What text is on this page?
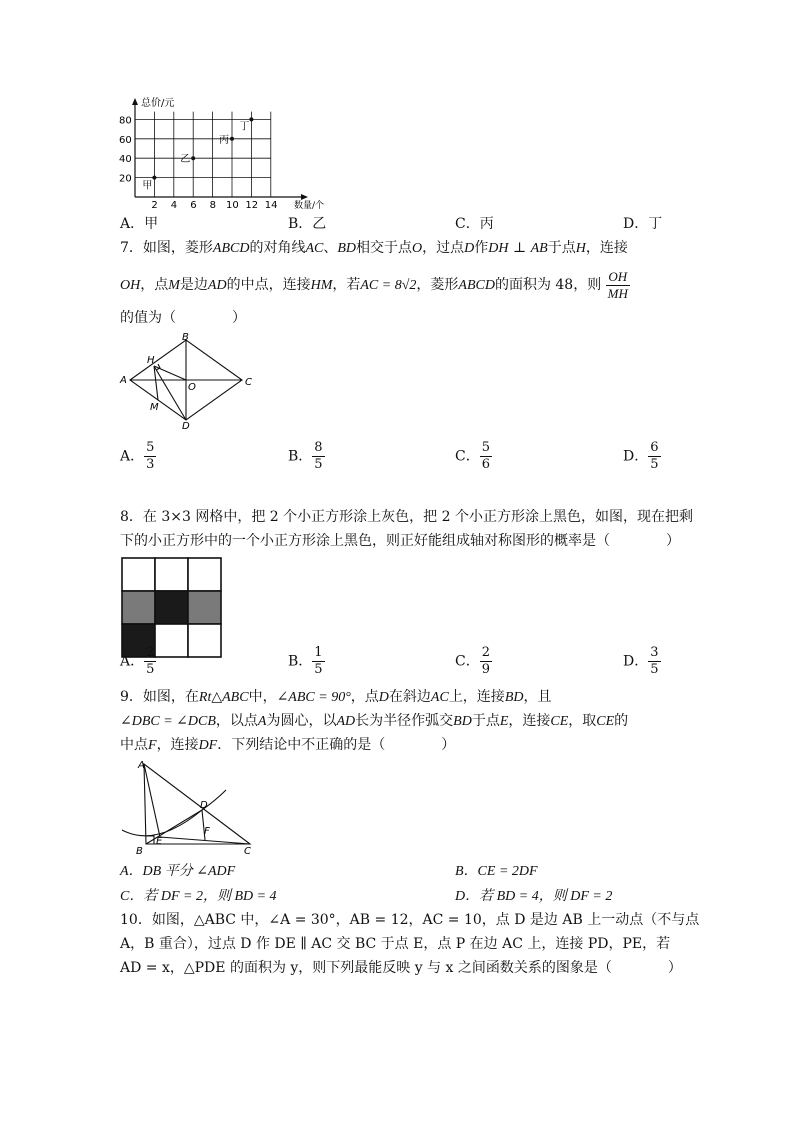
总价/元
数量/个
80
60
40
20
2 4 6 8 10 12 14
甲
乙
丙
丁
A．甲	B．乙	C．丙	D．丁
7．如图，菱形ABCD的对角线AC、BD相交于点O，过点D作DH ⊥ AB于点H，连接
OH，点M是边AD的中点，连接HM，若AC = 8√2，菱形ABCD的面积为 48，则 $\frac{OH}{MH}$
的值为（　　　　）
B
H
A
O	C
M
D
A． $\frac{5}{3}$	B． $\frac{8}{5}$	C． $\frac{5}{6}$	D． $\frac{6}{5}$
8．在 3×3 网格中，把 2 个小正方形涂上灰色，把 2 个小正方形涂上黑色，如图，现在把剩
下的小正方形中的一个小正方形涂上黑色，则正好能组成轴对称图形的概率是（　　　　）
A． $\frac{2}{5}$	B． $\frac{1}{5}$	C． $\frac{2}{9}$	D． $\frac{3}{5}$
9．如图，在Rt△ABC中，∠ABC = 90°，点D在斜边AC上，连接BD，且
∠DBC = ∠DCB，以点A为圆心，以AD长为半径作弧交BD于点E，连接CE，取CE的
中点F，连接DF．下列结论中不正确的是（　　　　）
A
D
F
E
B	C
A．DB 平分 ∠ADF	B．CE = 2DF
C．若 DF = 2，则 BD = 4	D．若 BD = 4，则 DF = 2
10．如图，△ABC 中，∠A = 30°，AB = 12，AC = 10，点 D 是边 AB 上一动点（不与点
A，B 重合），过点 D 作 DE ∥ AC 交 BC 于点 E，点 P 在边 AC 上，连接 PD，PE，若
AD = x，△PDE 的面积为 y，则下列最能反映 y 与 x 之间函数关系的图象是（　　　　）
